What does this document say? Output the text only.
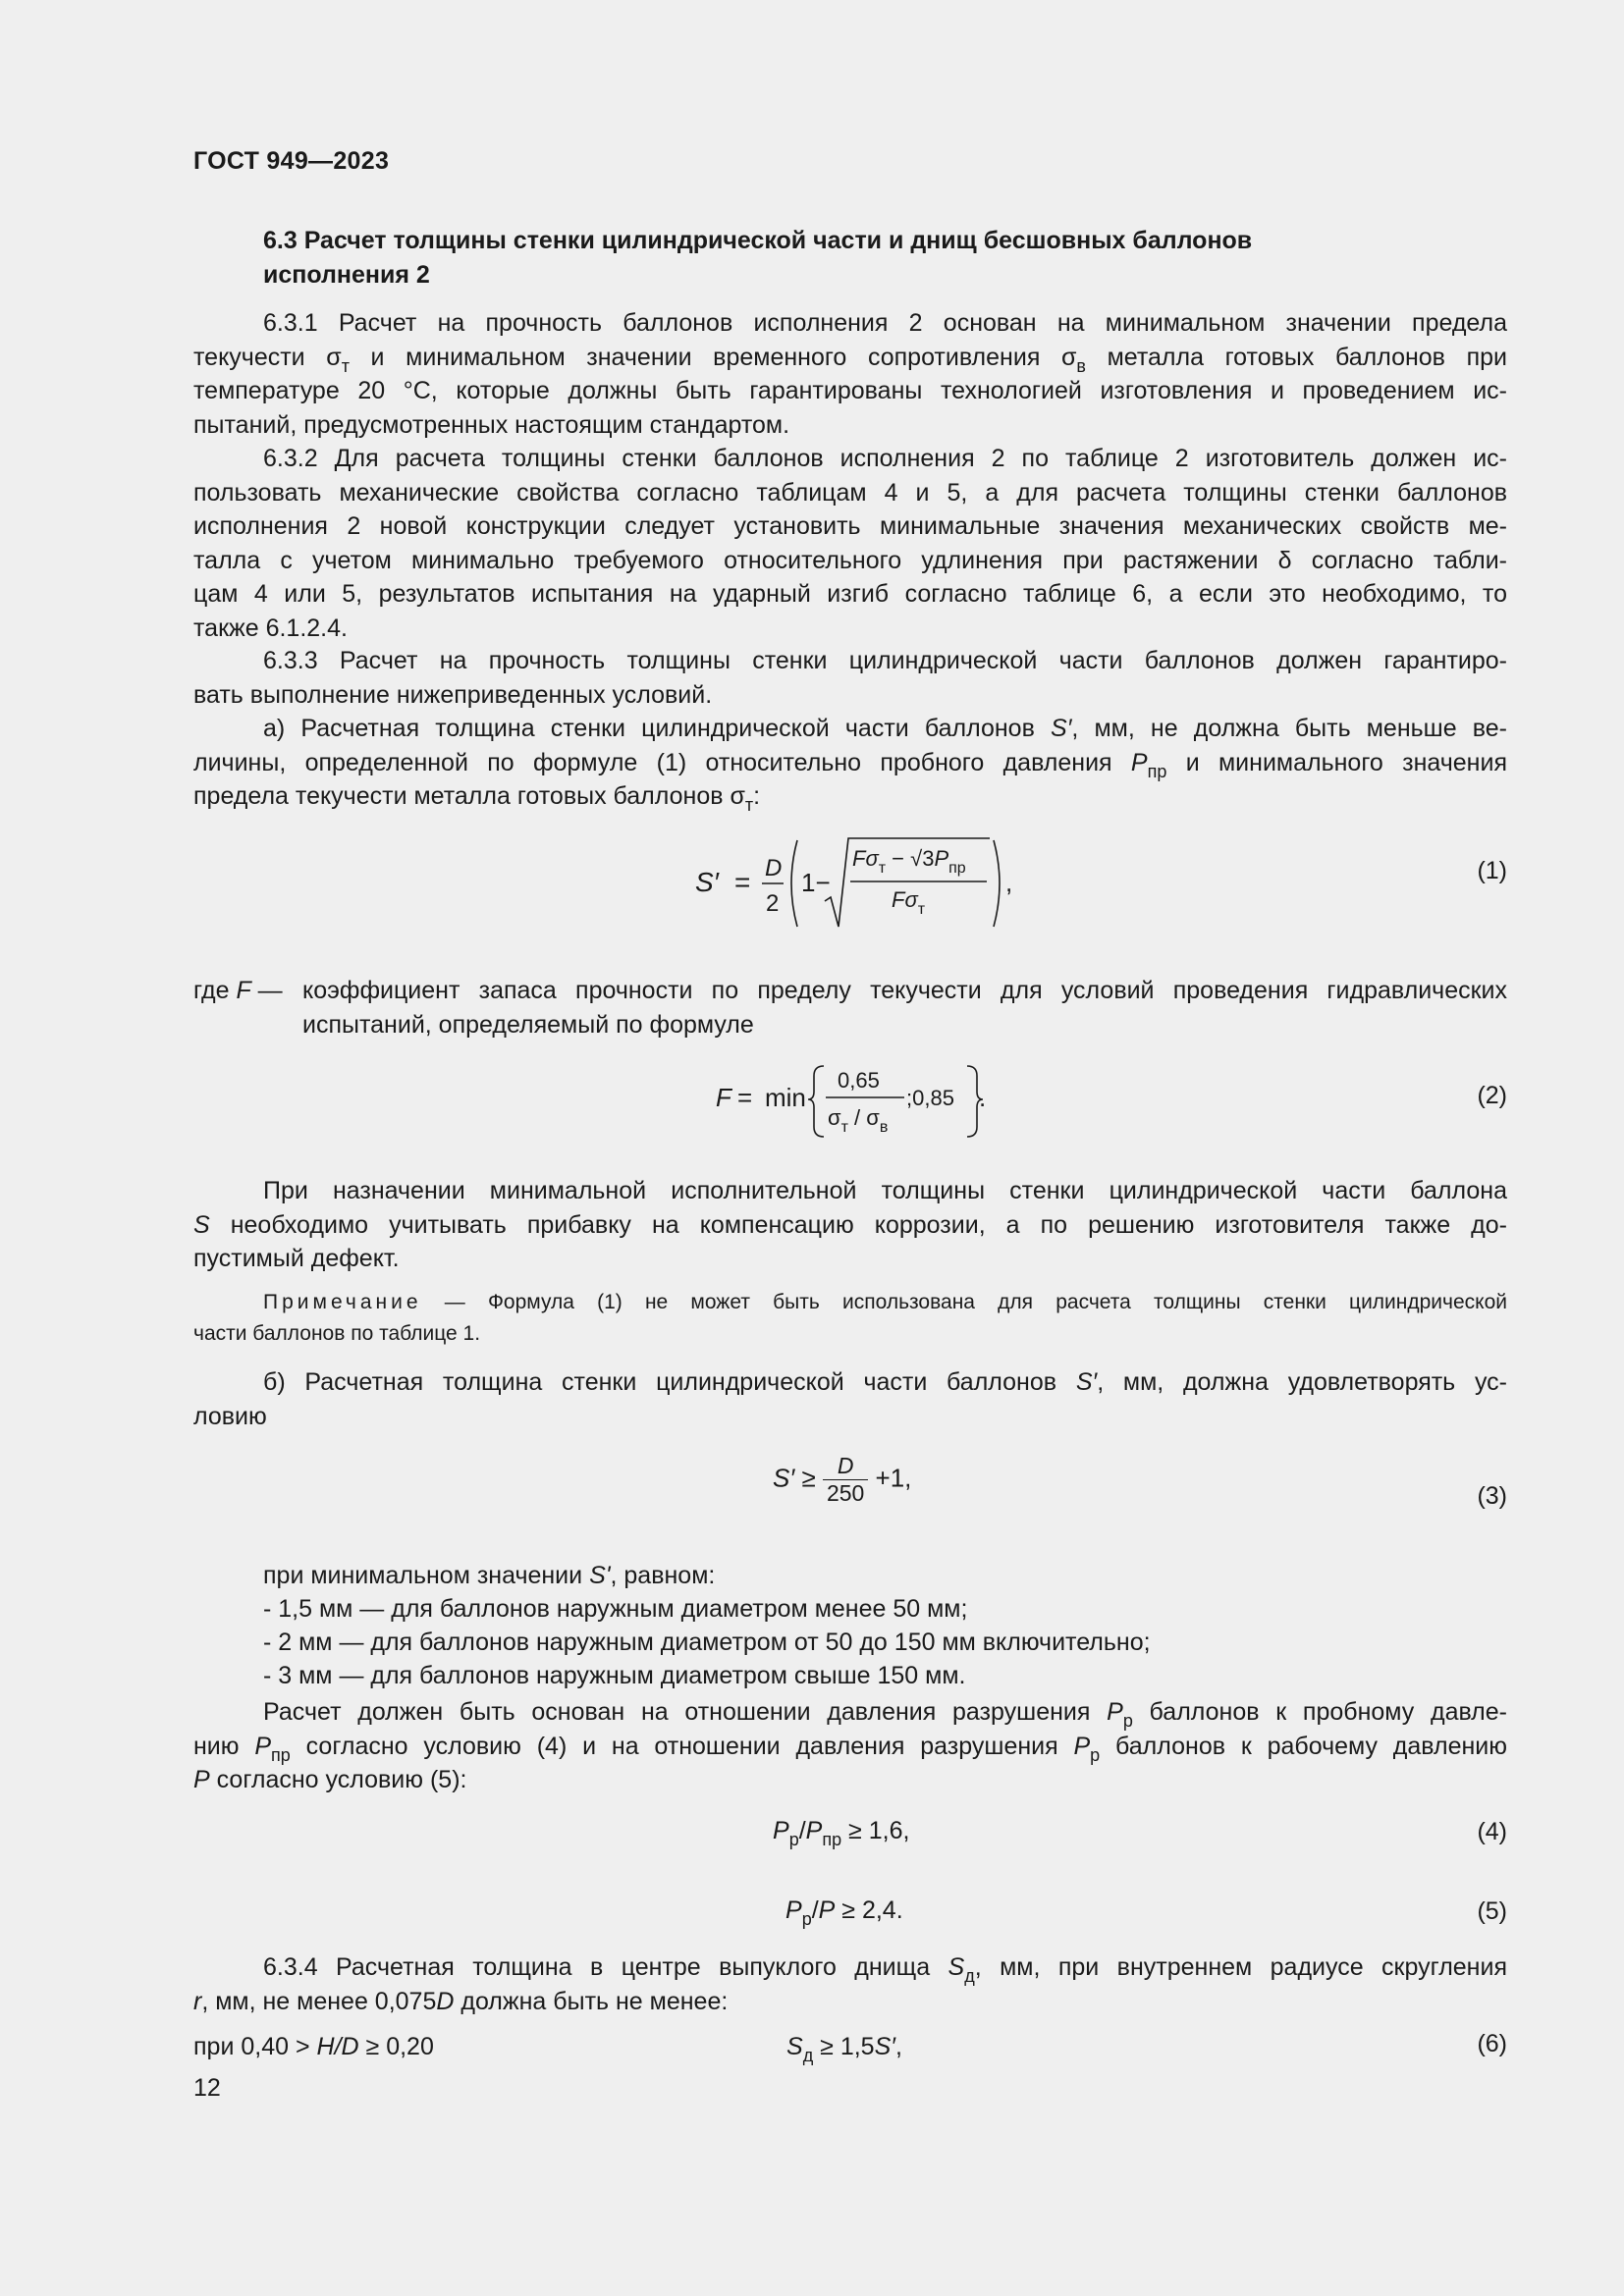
ГОСТ 949—2023
6.3 Расчет толщины стенки цилиндрической части и днищ бесшовных баллонов
исполнения 2
6.3.1 Расчет на прочность баллонов исполнения 2 основан на минимальном значении предела
текучести $\sigma_т$ и минимальном значении временного сопротивления $\sigma_в$ металла готовых баллонов при
температуре 20 °С, которые должны быть гарантированы технологией изготовления и проведением ис-
пытаний, предусмотренных настоящим стандартом.
6.3.2 Для расчета толщины стенки баллонов исполнения 2 по таблице 2 изготовитель должен ис-
пользовать механические свойства согласно таблицам 4 и 5, а для расчета толщины стенки баллонов
исполнения 2 новой конструкции следует установить минимальные значения механических свойств ме-
талла с учетом минимально требуемого относительного удлинения при растяжении δ согласно табли-
цам 4 или 5, результатов испытания на ударный изгиб согласно таблице 6, а если это необходимо, то
также 6.1.2.4.
6.3.3 Расчет на прочность толщины стенки цилиндрической части баллонов должен гарантиро-
вать выполнение нижеприведенных условий.
а) Расчетная толщина стенки цилиндрической части баллонов S′, мм, не должна быть меньше ве-
личины, определенной по формуле (1) относительно пробного давления $P_{пр}$ и минимального значения
предела текучести металла готовых баллонов $\sigma_т$:
S′ = D
2
1−	,
$F\sigma_т - √3P_{пр}$
$F\sigma_т$
(1)
где F — коэффициент запаса прочности по пределу текучести для условий проведения гидравлических
испытаний, определяемый по формуле
F = min	.
0,65
$\sigma_т / \sigma_в$
;0,85	(2)
При назначении минимальной исполнительной толщины стенки цилиндрической части баллона
S необходимо учитывать прибавку на компенсацию коррозии, а по решению изготовителя также до-
пустимый дефект.
Примечание — Формула (1) не может быть использована для расчета толщины стенки цилиндрической
части баллонов по таблице 1.
б) Расчетная толщина стенки цилиндрической части баллонов S′, мм, должна удовлетворять ус-
ловию
$S' \ge \frac{D}{250} +1$,
(3)
при минимальном значении S', равном:
- 1,5 мм — для баллонов наружным диаметром менее 50 мм;
- 2 мм — для баллонов наружным диаметром от 50 до 150 мм включительно;
- 3 мм — для баллонов наружным диаметром свыше 150 мм.
Расчет должен быть основан на отношении давления разрушения $P_р$ баллонов к пробному давле-
нию $P_{пр}$ согласно условию (4) и на отношении давления разрушения $P_р$ баллонов к рабочему давлению
P согласно условию (5):
$P_р/P_{пр} \ge 1,6$,	(4)
$P_р/P \ge 2,4$.	(5)
6.3.4 Расчетная толщина в центре выпуклого днища $S_д$, мм, при внутреннем радиусе скругления
r, мм, не менее 0,075D должна быть не менее:
при 0,40 > H/D ≥ 0,20	$S_д \ge 1,5S'$,	(6)
12
